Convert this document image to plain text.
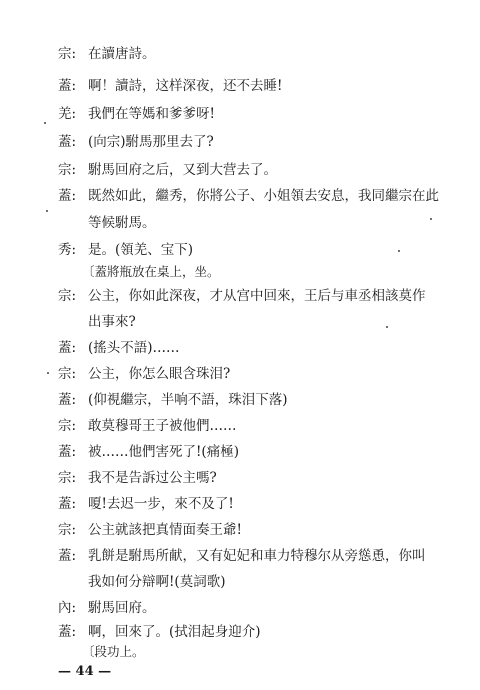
宗: 在讀唐詩。
蓋: 啊！讀詩，这样深夜，还不去睡!
羌: 我們在等媽和爹爹呀!
蓋: (向宗)駙馬那里去了?
宗: 駙馬回府之后，又到大营去了。
蓋: 既然如此，繼秀，你將公子、小姐領去安息，我同繼宗在此
等候駙馬。
秀: 是。(領羌、宝下)
〔蓋將瓶放在桌上，坐。
宗: 公主，你如此深夜，才从宫中回來，王后与車丞相該莫作
出事來?
蓋: (搖头不語)……
宗: 公主，你怎么眼含珠泪?
蓋: (仰視繼宗，半响不語，珠泪下落)
宗: 敢莫穆哥王子被他們……
蓋: 被……他們害死了!(痛極)
宗: 我不是告訴过公主嗎?
蓋: 嗄!去迟一步，來不及了!
宗: 公主就該把真情面奏王爺!
蓋: 乳餅是駙馬所献，又有妃妃和車力特穆尔从旁慫恿，你叫
我如何分辯啊!(莫詞歌)
內: 駙馬回府。
蓋: 啊，回來了。(拭泪起身迎介)
〔段功上。
— 44 —
